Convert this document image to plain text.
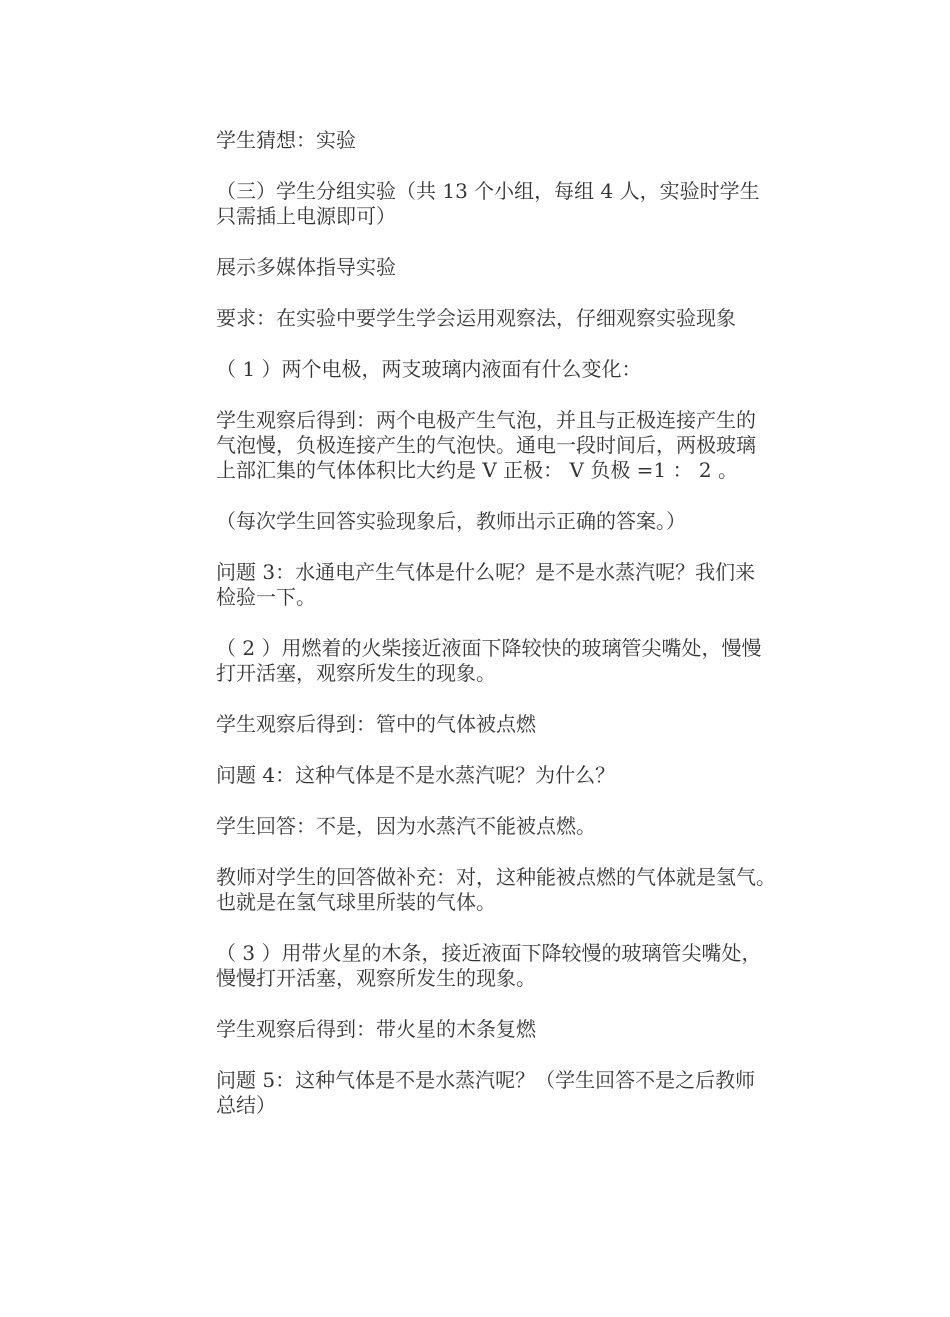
学生猜想：实验

（三）学生分组实验（共 13 个小组，每组 4 人，实验时学生
只需插上电源即可）

展示多媒体指导实验

要求：在实验中要学生学会运用观察法，仔细观察实验现象

（ 1 ）两个电极，两支玻璃内液面有什么变化：

学生观察后得到：两个电极产生气泡，并且与正极连接产生的
气泡慢，负极连接产生的气泡快。通电一段时间后，两极玻璃
上部汇集的气体体积比大约是 V 正极： V 负极 =1 ： 2 。

（每次学生回答实验现象后，教师出示正确的答案。）

问题 3：水通电产生气体是什么呢？是不是水蒸汽呢？我们来
检验一下。

（ 2 ）用燃着的火柴接近液面下降较快的玻璃管尖嘴处，慢慢
打开活塞，观察所发生的现象。

学生观察后得到：管中的气体被点燃

问题 4：这种气体是不是水蒸汽呢？为什么？

学生回答：不是，因为水蒸汽不能被点燃。

教师对学生的回答做补充：对，这种能被点燃的气体就是氢气。
也就是在氢气球里所装的气体。

（ 3 ）用带火星的木条，接近液面下降较慢的玻璃管尖嘴处，
慢慢打开活塞，观察所发生的现象。

学生观察后得到：带火星的木条复燃

问题 5：这种气体是不是水蒸汽呢？（学生回答不是之后教师
总结）
